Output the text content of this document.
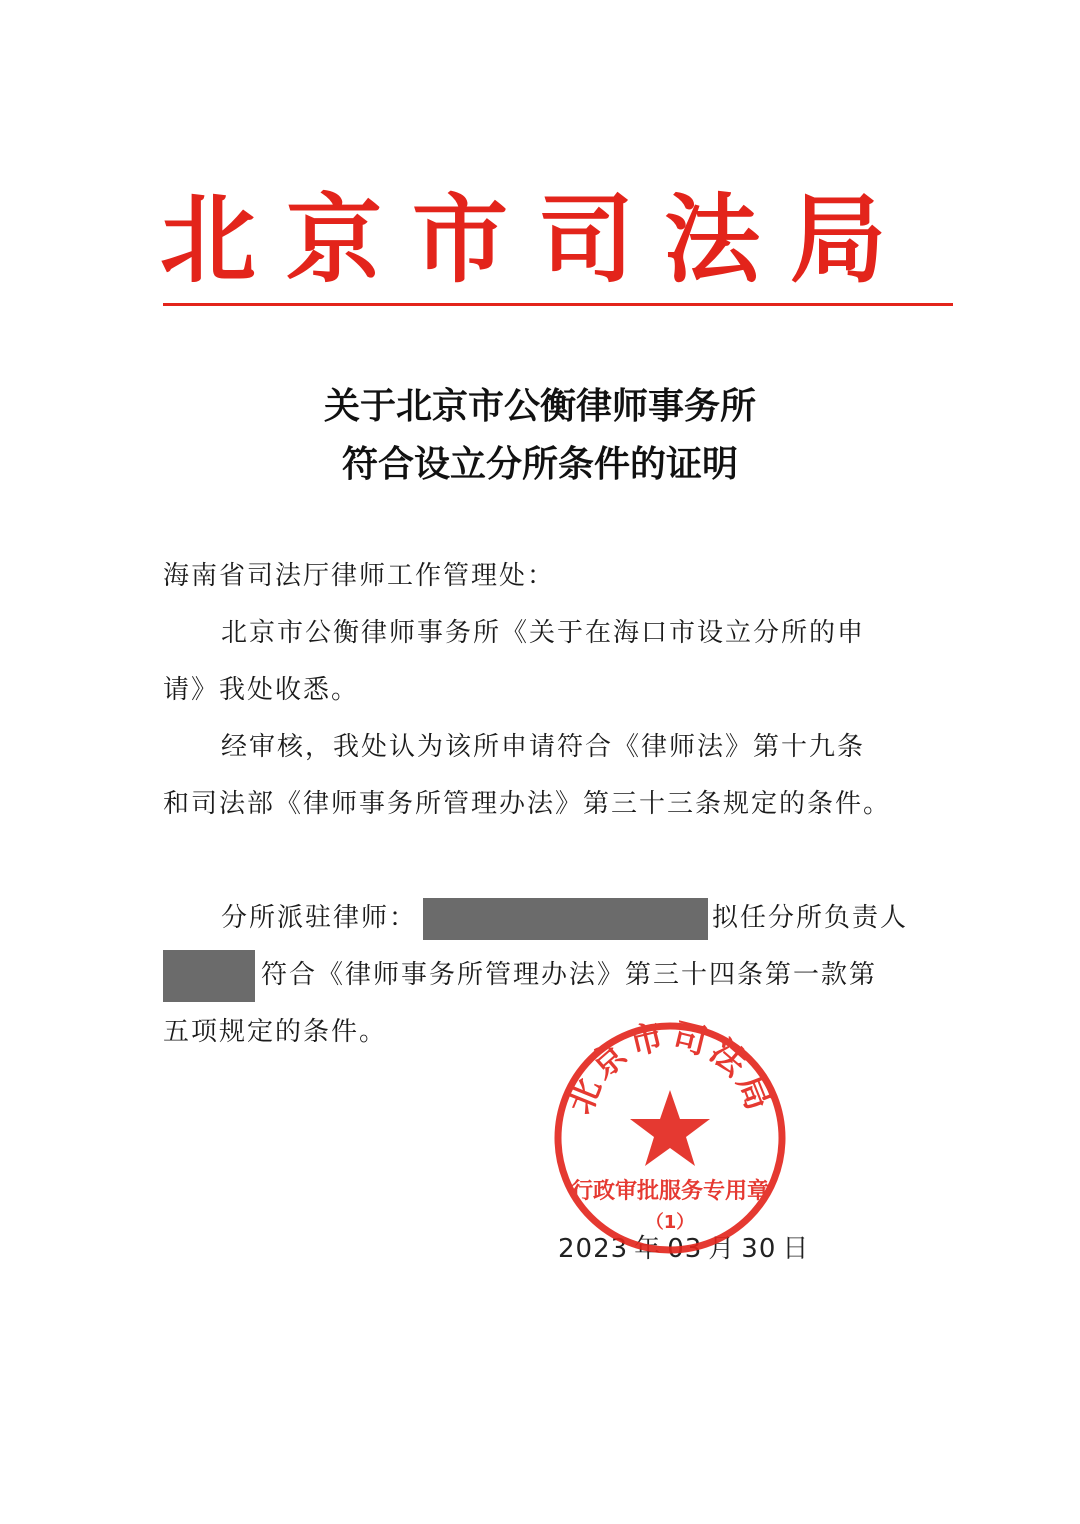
北京市司法局
关于北京市公衡律师事务所
符合设立分所条件的证明
海南省司法厅律师工作管理处：
北京市公衡律师事务所《关于在海口市设立分所的申
请》我处收悉。
经审核，我处认为该所申请符合《律师法》第十九条
和司法部《律师事务所管理办法》第三十三条规定的条件。
分所派驻律师：	拟任分所负责人
符合《律师事务所管理办法》第三十四条第一款第
五项规定的条件。
2023 年 03 月 30 日
北京市司法局
行政审批服务专用章
（1）
